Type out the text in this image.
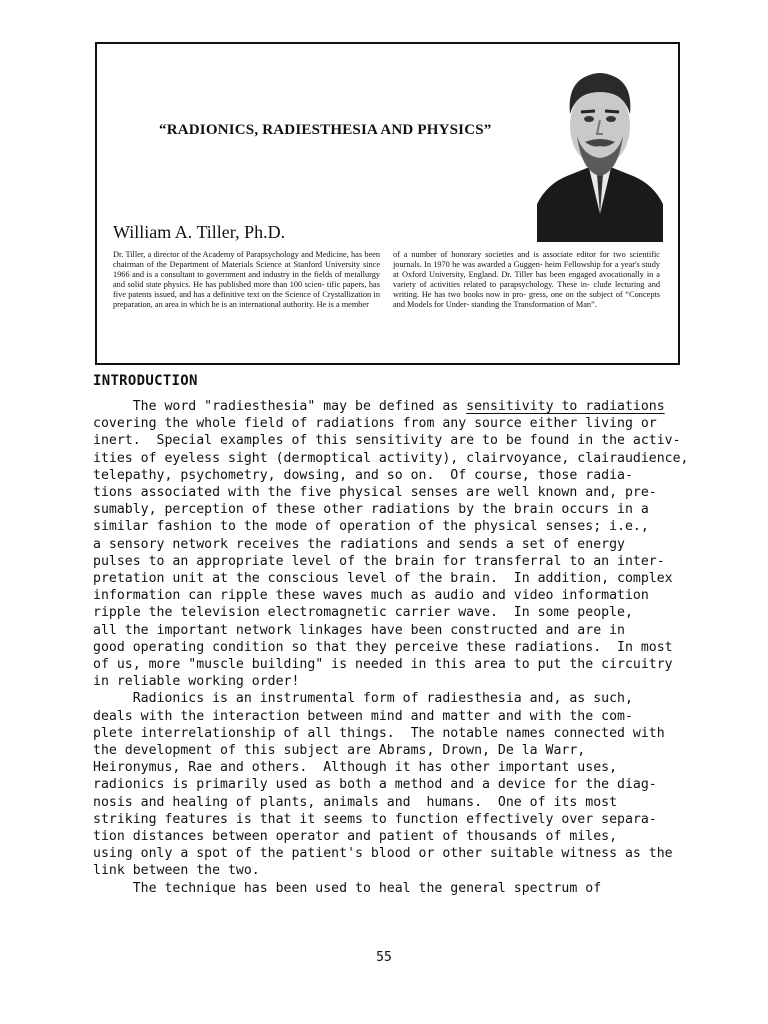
“RADIONICS, RADIESTHESIA AND PHYSICS”

William A. Tiller, Ph.D.

Dr. Tiller, a director of the Academy of Parapsychology and Medicine, has been chairman of the Department of Materials Science at Stanford University since 1966 and is a consultant to government and industry in the fields of metallurgy and solid state physics. He has published more than 100 scien- tific papers, has five patents issued, and has a definitive text on the Science of Crystallization in preparation, an area in which he is an international authority. He is a member
of a number of honorary societies and is associate editor for two scientific journals. In 1970 he was awarded a Guggen- heim Fellowship for a year's study at Oxford University, England. Dr. Tiller has been engaged avocationally in a variety of activities related to parapsychology. These in- clude lecturing and writing. He has two books now in pro- gress, one on the subject of “Concepts and Models for Under- standing the Transformation of Man”.
INTRODUCTION
The word "radiesthesia" may be defined as sensitivity to radiations
covering the whole field of radiations from any source either living or
inert.  Special examples of this sensitivity are to be found in the activ-
ities of eyeless sight (dermoptical activity), clairvoyance, clairaudience,
telepathy, psychometry, dowsing, and so on.  Of course, those radia-
tions associated with the five physical senses are well known and, pre-
sumably, perception of these other radiations by the brain occurs in a
similar fashion to the mode of operation of the physical senses; i.e.,
a sensory network receives the radiations and sends a set of energy
pulses to an appropriate level of the brain for transferral to an inter-
pretation unit at the conscious level of the brain.  In addition, complex
information can ripple these waves much as audio and video information
ripple the television electromagnetic carrier wave.  In some people,
all the important network linkages have been constructed and are in
good operating condition so that they perceive these radiations.  In most
of us, more "muscle building" is needed in this area to put the circuitry
in reliable working order!
Radionics is an instrumental form of radiesthesia and, as such,
deals with the interaction between mind and matter and with the com-
plete interrelationship of all things.  The notable names connected with
the development of this subject are Abrams, Drown, De la Warr,
Heironymus, Rae and others.  Although it has other important uses,
radionics is primarily used as both a method and a device for the diag-
nosis and healing of plants, animals and  humans.  One of its most
striking features is that it seems to function effectively over separa-
tion distances between operator and patient of thousands of miles,
using only a spot of the patient's blood or other suitable witness as the
link between the two.
The technique has been used to heal the general spectrum of

55
